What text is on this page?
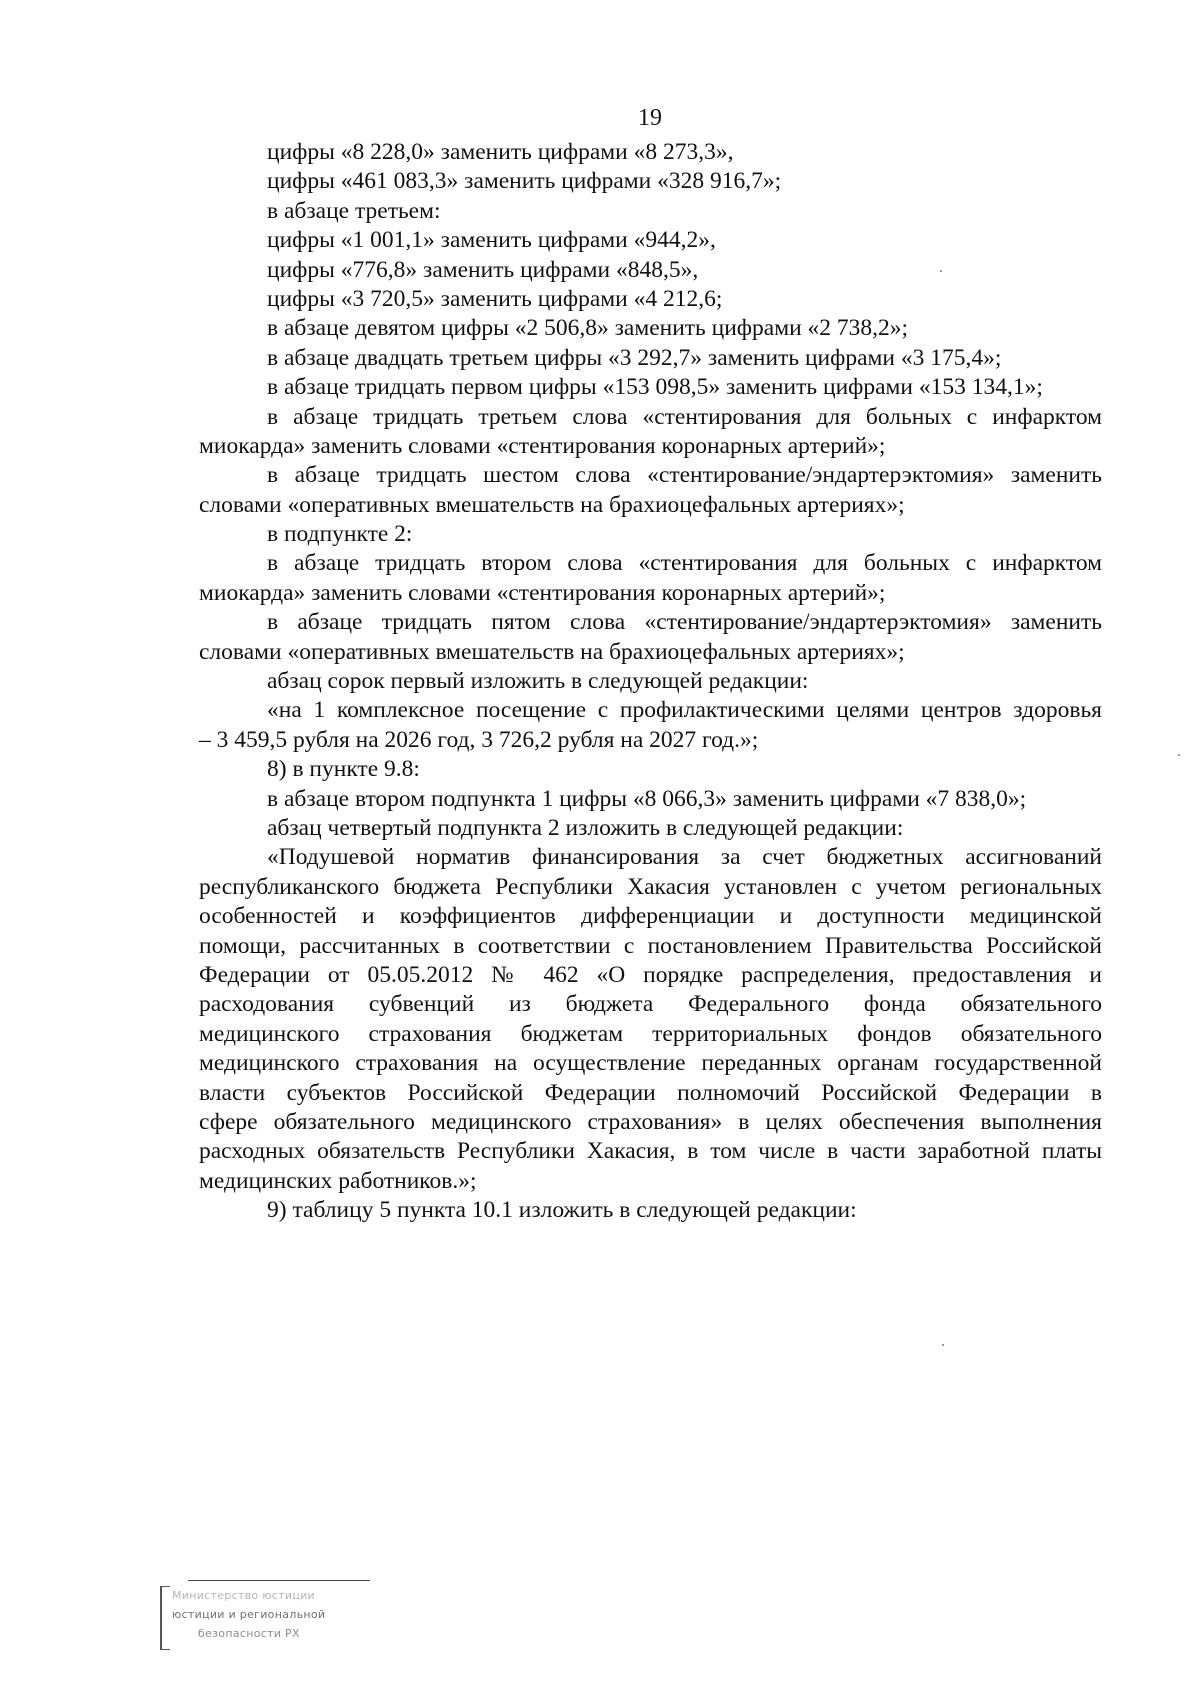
19
цифры «8 228,0» заменить цифрами «8 273,3»,
цифры «461 083,3» заменить цифрами «328 916,7»;
в абзаце третьем:
цифры «1 001,1» заменить цифрами «944,2»,
цифры «776,8» заменить цифрами «848,5»,
цифры «3 720,5» заменить цифрами «4 212,6;
в абзаце девятом цифры «2 506,8» заменить цифрами «2 738,2»;
в абзаце двадцать третьем цифры «3 292,7» заменить цифрами «3 175,4»;
в абзаце тридцать первом цифры «153 098,5» заменить цифрами «153 134,1»;
в абзаце тридцать третьем слова «стентирования для больных с инфарктом
миокарда» заменить словами «стентирования коронарных артерий»;
в абзаце тридцать шестом слова «стентирование/эндартерэктомия» заменить
словами «оперативных вмешательств на брахиоцефальных артериях»;
в подпункте 2:
в абзаце тридцать втором слова «стентирования для больных с инфарктом
миокарда» заменить словами «стентирования коронарных артерий»;
в абзаце тридцать пятом слова «стентирование/эндартерэктомия» заменить
словами «оперативных вмешательств на брахиоцефальных артериях»;
абзац сорок первый изложить в следующей редакции:
«на 1 комплексное посещение с профилактическими целями центров здоровья
– 3 459,5 рубля на 2026 год, 3 726,2 рубля на 2027 год.»;
8) в пункте 9.8:
в абзаце втором подпункта 1 цифры «8 066,3» заменить цифрами «7 838,0»;
абзац четвертый подпункта 2 изложить в следующей редакции:
«Подушевой норматив финансирования за счет бюджетных ассигнований
республиканского бюджета Республики Хакасия установлен с учетом региональных
особенностей и коэффициентов дифференциации и доступности медицинской
помощи, рассчитанных в соответствии с постановлением Правительства Российской
Федерации от 05.05.2012 № 462 «О порядке распределения, предоставления и
расходования субвенций из бюджета Федерального фонда обязательного
медицинского страхования бюджетам территориальных фондов обязательного
медицинского страхования на осуществление переданных органам государственной
власти субъектов Российской Федерации полномочий Российской Федерации в
сфере обязательного медицинского страхования» в целях обеспечения выполнения
расходных обязательств Республики Хакасия, в том числе в части заработной платы
медицинских работников.»;
9) таблицу 5 пункта 10.1 изложить в следующей редакции:
Министерство юстиции
юстиции и региональной
безопасности РХ
